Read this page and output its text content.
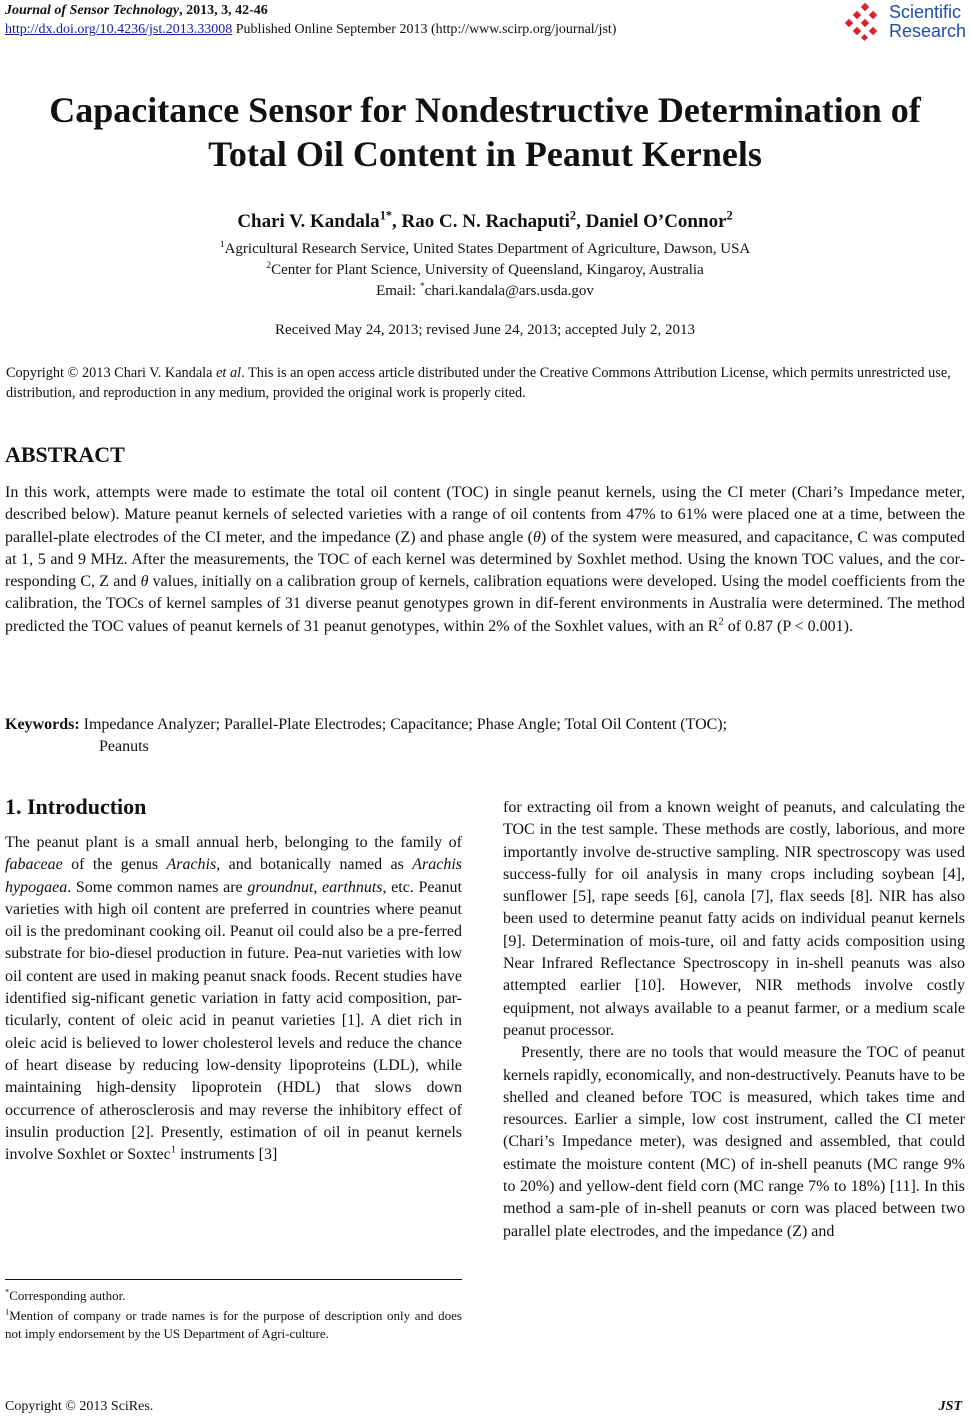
Journal of Sensor Technology, 2013, 3, 42-46
http://dx.doi.org/10.4236/jst.2013.33008 Published Online September 2013 (http://www.scirp.org/journal/jst)
Scientific
Research
Capacitance Sensor for Nondestructive Determination of
Total Oil Content in Peanut Kernels
Chari V. Kandala$^{1*}$, Rao C. N. Rachaputi$^2$, Daniel O’Connor$^2$
$^1$Agricultural Research Service, United States Department of Agriculture, Dawson, USA
$^2$Center for Plant Science, University of Queensland, Kingaroy, Australia
Email: *chari.kandala@ars.usda.gov
Received May 24, 2013; revised June 24, 2013; accepted July 2, 2013
Copyright © 2013 Chari V. Kandala et al. This is an open access article distributed under the Creative Commons Attribution License, which permits unrestricted use, distribution, and reproduction in any medium, provided the original work is properly cited.
ABSTRACT
In this work, attempts were made to estimate the total oil content (TOC) in single peanut kernels, using the CI meter (Chari’s Impedance meter, described below). Mature peanut kernels of selected varieties with a range of oil contents from 47% to 61% were placed one at a time, between the parallel-plate electrodes of the CI meter, and the impedance (Z) and phase angle (θ) of the system were measured, and capacitance, C was computed at 1, 5 and 9 MHz. After the measurements, the TOC of each kernel was determined by Soxhlet method. Using the known TOC values, and the cor-responding C, Z and θ values, initially on a calibration group of kernels, calibration equations were developed. Using the model coefficients from the calibration, the TOCs of kernel samples of 31 diverse peanut genotypes grown in dif-ferent environments in Australia were determined. The method predicted the TOC values of peanut kernels of 31 peanut genotypes, within 2% of the Soxhlet values, with an $R^2$ of 0.87 (P < 0.001).
Keywords: Impedance Analyzer; Parallel-Plate Electrodes; Capacitance; Phase Angle; Total Oil Content (TOC);
Peanuts
1. Introduction

The peanut plant is a small annual herb, belonging to the family of fabaceae of the genus Arachis, and botanically named as Arachis hypogaea. Some common names are groundnut, earthnuts, etc. Peanut varieties with high oil content are preferred in countries where peanut oil is the predominant cooking oil. Peanut oil could also be a pre-ferred substrate for bio-diesel production in future. Pea-nut varieties with low oil content are used in making peanut snack foods. Recent studies have identified sig-nificant genetic variation in fatty acid composition, par-ticularly, content of oleic acid in peanut varieties [1]. A diet rich in oleic acid is believed to lower cholesterol levels and reduce the chance of heart disease by reducing low-density lipoproteins (LDL), while maintaining high-density lipoprotein (HDL) that slows down occurrence of atherosclerosis and may reverse the inhibitory effect of insulin production [2]. Presently, estimation of oil in peanut kernels involve Soxhlet or Soxtec$^1$ instruments [3]

for extracting oil from a known weight of peanuts, and calculating the TOC in the test sample. These methods are costly, laborious, and more importantly involve de-structive sampling. NIR spectroscopy was used success-fully for oil analysis in many crops including soybean [4], sunflower [5], rape seeds [6], canola [7], flax seeds [8]. NIR has also been used to determine peanut fatty acids on individual peanut kernels [9]. Determination of mois-ture, oil and fatty acids composition using Near Infrared Reflectance Spectroscopy in in-shell peanuts was also attempted earlier [10]. However, NIR methods involve costly equipment, not always available to a peanut farmer, or a medium scale peanut processor.

Presently, there are no tools that would measure the TOC of peanut kernels rapidly, economically, and non-destructively. Peanuts have to be shelled and cleaned before TOC is measured, which takes time and resources. Earlier a simple, low cost instrument, called the CI meter (Chari’s Impedance meter), was designed and assembled, that could estimate the moisture content (MC) of in-shell peanuts (MC range 9% to 20%) and yellow-dent field corn (MC range 7% to 18%) [11]. In this method a sam-ple of in-shell peanuts or corn was placed between two parallel plate electrodes, and the impedance (Z) and

*Corresponding author.

$^1$Mention of company or trade names is for the purpose of description only and does not imply endorsement by the US Department of Agri-culture.

Copyright © 2013 SciRes.	JST
